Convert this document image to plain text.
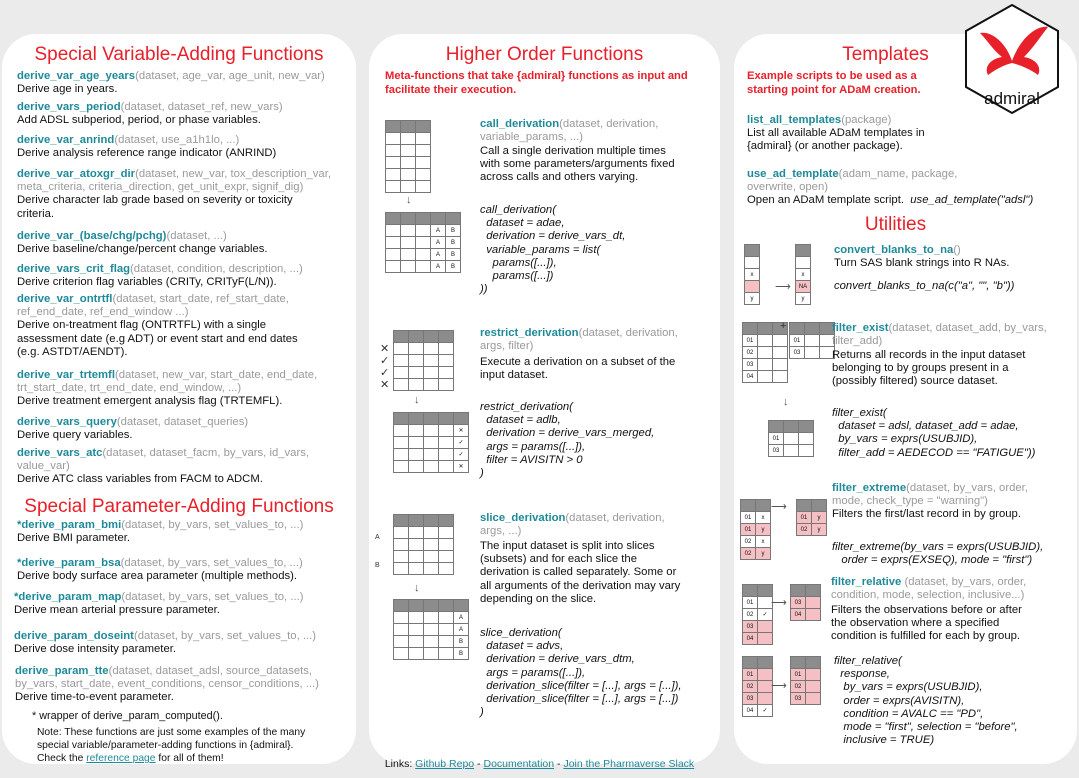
Special Variable-Adding Functions
derive_var_age_years(dataset, age_var, age_unit, new_var)
Derive age in years.
derive_vars_period(dataset, dataset_ref, new_vars)
Add ADSL subperiod, period, or phase variables.
derive_var_anrind(dataset, use_a1h1lo, ...)
Derive analysis reference range indicator (ANRIND)
derive_var_atoxgr_dir(dataset, new_var, tox_description_var,
meta_criteria, criteria_direction, get_unit_expr, signif_dig)
Derive character lab grade based on severity or toxicity
criteria.
derive_var_(base/chg/pchg)(dataset, ...)
Derive baseline/change/percent change variables.
derive_vars_crit_flag(dataset, condition, description, ...)
Derive criterion flag variables (CRITy, CRITyF(L/N)).
derive_var_ontrtfl(dataset, start_date, ref_start_date,
ref_end_date, ref_end_window ...)
Derive on-treatment flag (ONTRTFL) with a single
assessment date (e.g ADT) or event start and end dates
(e.g. ASTDT/AENDT).
derive_var_trtemfl(dataset, new_var, start_date, end_date,
trt_start_date, trt_end_date, end_window, ...)
Derive treatment emergent analysis flag (TRTEMFL).
derive_vars_query(dataset, dataset_queries)
Derive query variables.
derive_vars_atc(dataset, dataset_facm, by_vars, id_vars,
value_var)
Derive ATC class variables from FACM to ADCM.
Special Parameter-Adding Functions
*derive_param_bmi(dataset, by_vars, set_values_to, ...)
Derive BMI parameter.
*derive_param_bsa(dataset, by_vars, set_values_to, ...)
Derive body surface area parameter (multiple methods).
*derive_param_map(dataset, by_vars, set_values_to, ...)
Derive mean arterial pressure parameter.
derive_param_doseint(dataset, by_vars, set_values_to, ...)
Derive dose intensity parameter.
derive_param_tte(dataset, dataset_adsl, source_datasets,
by_vars, start_date, event_conditions, censor_conditions, ...)
Derive time-to-event parameter.
* wrapper of derive_param_computed().
Note: These functions are just some examples of the many
special variable/parameter-adding functions in {admiral}.
Check the reference page for all of them!
Higher Order Functions
Meta-functions that take {admiral} functions as input and
facilitate their execution.

↓

			A	B
			A	B
			A	B
			A	B
call_derivation(dataset, derivation,
variable_params, ...)
Call a single derivation multiple times
with some parameters/arguments fixed
across calls and others varying.
call_derivation(
dataset = adae,
derivation = derive_vars_dt,
variable_params = list(
params([...]),
params([...])
))

✕
✓
✓
✕
↓

				✕
				✓
				✓
				✕
restrict_derivation(dataset, derivation,
args, filter)
Execute a derivation on a subset of the
input dataset.
restrict_derivation(
dataset = adlb,
derivation = derive_vars_merged,
args = params([...]),
filter = AVISITN > 0
)

A
B
↓

				A
				A
				B
				B
slice_derivation(dataset, derivation,
args, ...)
The input dataset is split into slices
(subsets) and for each slice the
derivation is called separately. Some or
all arguments of the derivation may vary
depending on the slice.
slice_derivation(
dataset = advs,
derivation = derive_vars_dtm,
args = params([...]),
derivation_slice(filter = [...], args = [...]),
derivation_slice(filter = [...], args = [...])
)
Templates
Example scripts to be used as a
starting point for ADaM creation.
list_all_templates(package)
List all available ADaM templates in
{admiral} (or another package).
use_ad_template(adam_name, package,
overwrite, open)
Open an ADaM template script. use_ad_template("adsl")
Utilities

x

y
⟶

x
NA
y
convert_blanks_to_na()
Turn SAS blank strings into R NAs.
convert_blanks_to_na(c("a", "", "b"))

01		
02		
03		
04		
+

01		
03		
↓

01		
03		
filter_exist(dataset, dataset_add, by_vars,
filter_add)
Returns all records in the input dataset
belonging to by groups present in a
(possibly filtered) source dataset.
filter_exist(
dataset = adsl, dataset_add = adae,
by_vars = exprs(USUBJID),
filter_add = AEDECOD == "FATIGUE"))

01	x
01	y
02	x
02	y
⟶

01	y
02	y
filter_extreme(dataset, by_vars, order,
mode, check_type = "warning")
Filters the first/last record in by group.
filter_extreme(by_vars = exprs(USUBJID),
order = exprs(EXSEQ), mode = "first")

01	
02	✓
03	
04	
⟶
	03	
04	

01	
02	
03	
04	✓
⟶

01	
02	
03	
filter_relative (dataset, by_vars, order,
condition, mode, selection, inclusive...)
Filters the observations before or after
the observation where a specified
condition is fulfilled for each by group.
filter_relative(
response,
by_vars = exprs(USUBJID),
order = exprs(AVISITN),
condition = AVALC == "PD",
mode = "first", selection = "before",
inclusive = TRUE)
admiral
Links: Github Repo - Documentation - Join the Pharmaverse Slack
